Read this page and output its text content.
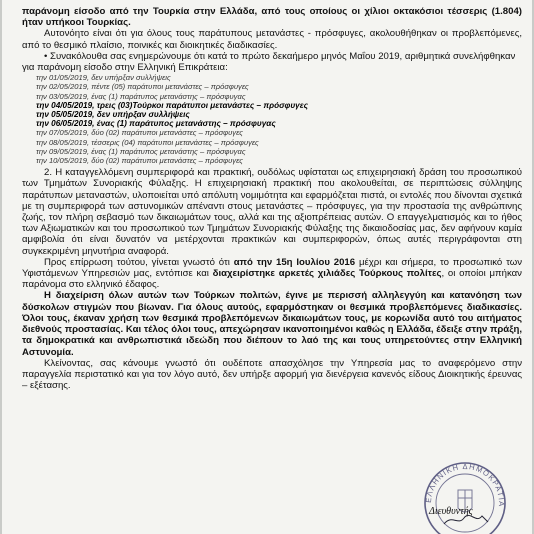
παράνομη είσοδο από την Τουρκία στην Ελλάδα, από τους οποίους οι χίλιοι οκτακόσιοι τέσσερις (1.804) ήταν υπήκοοι Τουρκίας.

Αυτονόητο είναι ότι για όλους τους παράτυπους μετανάστες - πρόσφυγες, ακολουθήθηκαν οι προβλεπόμενες, από το θεσμικό πλαίσιο, ποινικές και διοικητικές διαδικασίες.

• Συνακόλουθα σας ενημερώνουμε ότι κατά το πρώτο δεκαήμερο μηνός Μαΐου 2019, αριθμητικά συνελήφθηκαν για παράνομη είσοδο στην Ελληνική Επικράτεια:

την 01/05/2019, δεν υπήρξαν συλλήψεις
την 02/05/2019, πέντε (05) παράτυποι μετανάστες – πρόσφυγες
την 03/05/2019, ένας (1) παράτυπος μετανάστης – πρόσφυγας
την 04/05/2019, τρεις (03)Τούρκοι παράτυποι μετανάστες – πρόσφυγες
την 05/05/2019, δεν υπήρξαν συλλήψεις
την 06/05/2019, ένας (1) παράτυπος μετανάστης – πρόσφυγας
την 07/05/2019, δύο (02) παράτυποι μετανάστες – πρόσφυγες
την 08/05/2019, τέσσερις (04) παράτυποι μετανάστες – πρόσφυγες
την 09/05/2019, ένας (1) παράτυπος μετανάστης – πρόσφυγας
την 10/05/2019, δύο (02) παράτυποι μετανάστες – πρόσφυγες

2. Η καταγγελλόμενη συμπεριφορά και πρακτική, ουδόλως υφίσταται ως επιχειρησιακή δράση του προσωπικού των Τμημάτων Συνοριακής Φύλαξης. Η επιχειρησιακή πρακτική που ακολουθείται, σε περιπτώσεις σύλληψης παράτυπων μεταναστών, υλοποιείται υπό απόλυτη νομιμότητα και εφαρμόζεται πιστά, οι εντολές που δίνονται σχετικά με τη συμπεριφορά των αστυνομικών απέναντι στους μετανάστες – πρόσφυγες, για την προστασία της ανθρώπινης ζωής, τον πλήρη σεβασμό των δικαιωμάτων τους, αλλά και της αξιοπρέπειας αυτών. Ο επαγγελματισμός και το ήθος των Αξιωματικών και του προσωπικού των Τμημάτων Συνοριακής Φύλαξης της δικαιοδοσίας μας, δεν αφήνουν καμία αμφιβολία ότι είναι δυνατόν να μετέρχονται πρακτικών και συμπεριφορών, όπως αυτές περιγράφονται στη συγκεκριμένη μηνυτήρια αναφορά.

Προς επίρρωση τούτου, γίνεται γνωστό ότι από την 15η Ιουλίου 2016 μέχρι και σήμερα, το προσωπικό των Υφιστάμενων Υπηρεσιών μας, εντόπισε και διαχειρίστηκε αρκετές χιλιάδες Τούρκους πολίτες, οι οποίοι μπήκαν παράνομα στο ελληνικό έδαφος.

Η διαχείριση όλων αυτών των Τούρκων πολιτών, έγινε με περισσή αλληλεγγύη και κατανόηση των δύσκολων στιγμών που βίωναν. Για όλους αυτούς, εφαρμόστηκαν οι θεσμικά προβλεπόμενες διαδικασίες. Όλοι τους, έκαναν χρήση των θεσμικά προβλεπόμενων δικαιωμάτων τους, με κορωνίδα αυτό του αιτήματος διεθνούς προστασίας. Και τέλος όλοι τους, απεχώρησαν ικανοποιημένοι καθώς η Ελλάδα, έδειξε στην πράξη, τα δημοκρατικά και ανθρωπιστικά ιδεώδη που διέπουν το λαό της και τους υπηρετούντες στην Ελληνική Αστυνομία.

Κλείνοντας, σας κάνουμε γνωστό ότι ουδέποτε απασχόλησε την Υπηρεσία μας το αναφερόμενο στην παραγγελία περιστατικό και για τον λόγο αυτό, δεν υπήρξε αφορμή για διενέργεια κανενός είδους Διοικητικής έρευνας – εξέτασης.

ΕΛΛΗΝΙΚΗ ΔΗΜΟΚΡΑΤΙΑ
Διευθυντής
